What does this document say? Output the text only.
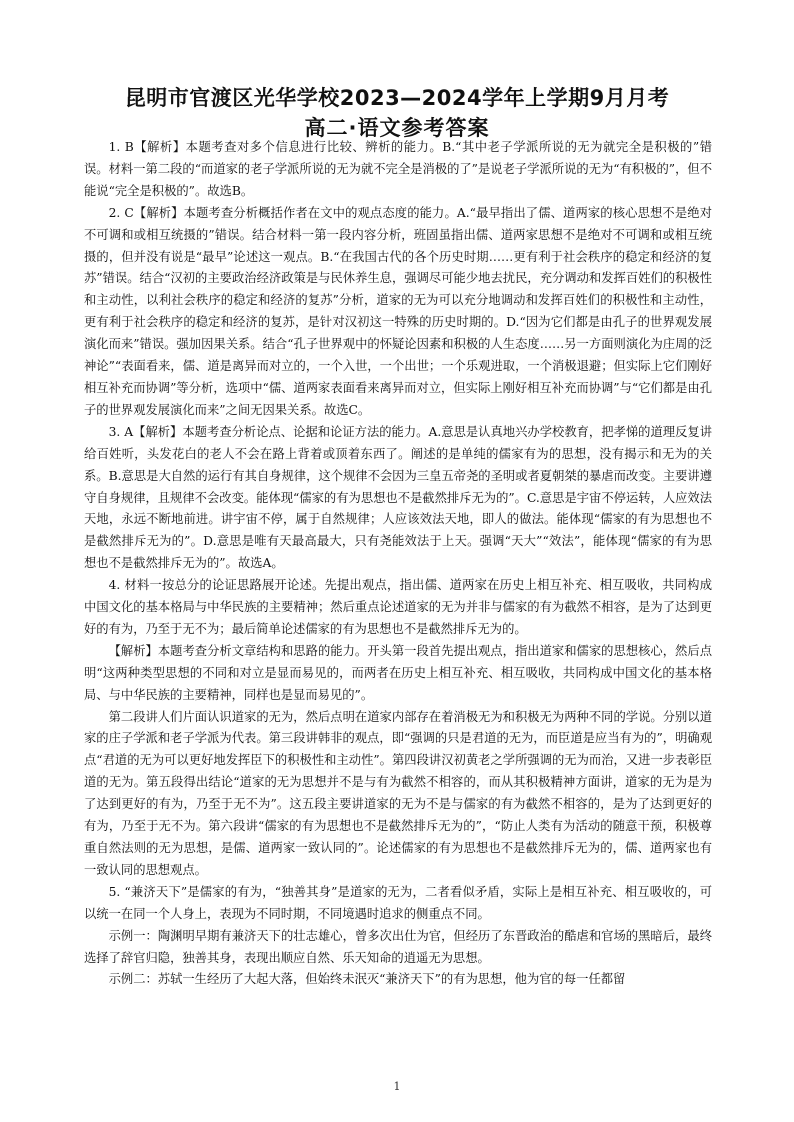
昆明市官渡区光华学校2023—2024学年上学期9月月考
高二·语文参考答案

1. B【解析】本题考查对多个信息进行比较、辨析的能力。B.“其中老子学派所说的无为就完全是积极的”错误。材料一第二段的“而道家的老子学派所说的无为就不完全是消极的了”是说老子学派所说的无为“有积极的”，但不能说“完全是积极的”。故选B。

2. C【解析】本题考查分析概括作者在文中的观点态度的能力。A.“最早指出了儒、道两家的核心思想不是绝对不可调和或相互统摄的”错误。结合材料一第一段内容分析，班固虽指出儒、道两家思想不是绝对不可调和或相互统摄的，但并没有说是“最早”论述这一观点。B.“在我国古代的各个历史时期……更有利于社会秩序的稳定和经济的复苏”错误。结合“汉初的主要政治经济政策是与民休养生息，强调尽可能少地去扰民，充分调动和发挥百姓们的积极性和主动性，以利社会秩序的稳定和经济的复苏”分析，道家的无为可以充分地调动和发挥百姓们的积极性和主动性，更有利于社会秩序的稳定和经济的复苏，是针对汉初这一特殊的历史时期的。D.“因为它们都是由孔子的世界观发展演化而来”错误。强加因果关系。结合“孔子世界观中的怀疑论因素和积极的人生态度……另一方面则演化为庄周的泛神论”“表面看来，儒、道是离异而对立的，一个入世，一个出世；一个乐观进取，一个消极退避；但实际上它们刚好相互补充而协调”等分析，选项中“儒、道两家表面看来离异而对立，但实际上刚好相互补充而协调”与“它们都是由孔子的世界观发展演化而来”之间无因果关系。故选C。

3. A【解析】本题考查分析论点、论据和论证方法的能力。A.意思是认真地兴办学校教育，把孝悌的道理反复讲给百姓听，头发花白的老人不会在路上背着或顶着东西了。阐述的是单纯的儒家有为的思想，没有揭示和无为的关系。B.意思是大自然的运行有其自身规律，这个规律不会因为三皇五帝尧的圣明或者夏朝桀的暴虐而改变。主要讲遵守自身规律，且规律不会改变。能体现“儒家的有为思想也不是截然排斥无为的”。C.意思是宇宙不停运转，人应效法天地，永远不断地前进。讲宇宙不停，属于自然规律；人应该效法天地，即人的做法。能体现“儒家的有为思想也不是截然排斥无为的”。D.意思是唯有天最高最大，只有尧能效法于上天。强调“天大”“效法”，能体现“儒家的有为思想也不是截然排斥无为的”。故选A。

4. 材料一按总分的论证思路展开论述。先提出观点，指出儒、道两家在历史上相互补充、相互吸收，共同构成中国文化的基本格局与中华民族的主要精神；然后重点论述道家的无为并非与儒家的有为截然不相容，是为了达到更好的有为，乃至于无不为；最后简单论述儒家的有为思想也不是截然排斥无为的。

【解析】本题考查分析文章结构和思路的能力。开头第一段首先提出观点，指出道家和儒家的思想核心，然后点明“这两种类型思想的不同和对立是显而易见的，而两者在历史上相互补充、相互吸收，共同构成中国文化的基本格局、与中华民族的主要精神，同样也是显而易见的”。

第二段讲人们片面认识道家的无为，然后点明在道家内部存在着消极无为和积极无为两种不同的学说。分别以道家的庄子学派和老子学派为代表。第三段讲韩非的观点，即“强调的只是君道的无为，而臣道是应当有为的”，明确观点“君道的无为可以更好地发挥臣下的积极性和主动性”。第四段讲汉初黄老之学所强调的无为而治，又进一步表彰臣道的无为。第五段得出结论“道家的无为思想并不是与有为截然不相容的，而从其积极精神方面讲，道家的无为是为了达到更好的有为，乃至于无不为”。这五段主要讲道家的无为不是与儒家的有为截然不相容的，是为了达到更好的有为，乃至于无不为。第六段讲“儒家的有为思想也不是截然排斥无为的”，“防止人类有为活动的随意干预，积极尊重自然法则的无为思想，是儒、道两家一致认同的”。论述儒家的有为思想也不是截然排斥无为的，儒、道两家也有一致认同的思想观点。

5. “兼济天下”是儒家的有为，“独善其身”是道家的无为，二者看似矛盾，实际上是相互补充、相互吸收的，可以统一在同一个人身上，表现为不同时期，不同境遇时追求的侧重点不同。

示例一：陶渊明早期有兼济天下的壮志雄心，曾多次出仕为官，但经历了东晋政治的酷虐和官场的黑暗后，最终选择了辞官归隐，独善其身，表现出顺应自然、乐天知命的逍遥无为思想。

示例二：苏轼一生经历了大起大落，但始终未泯灭“兼济天下”的有为思想，他为官的每一任都留

1
